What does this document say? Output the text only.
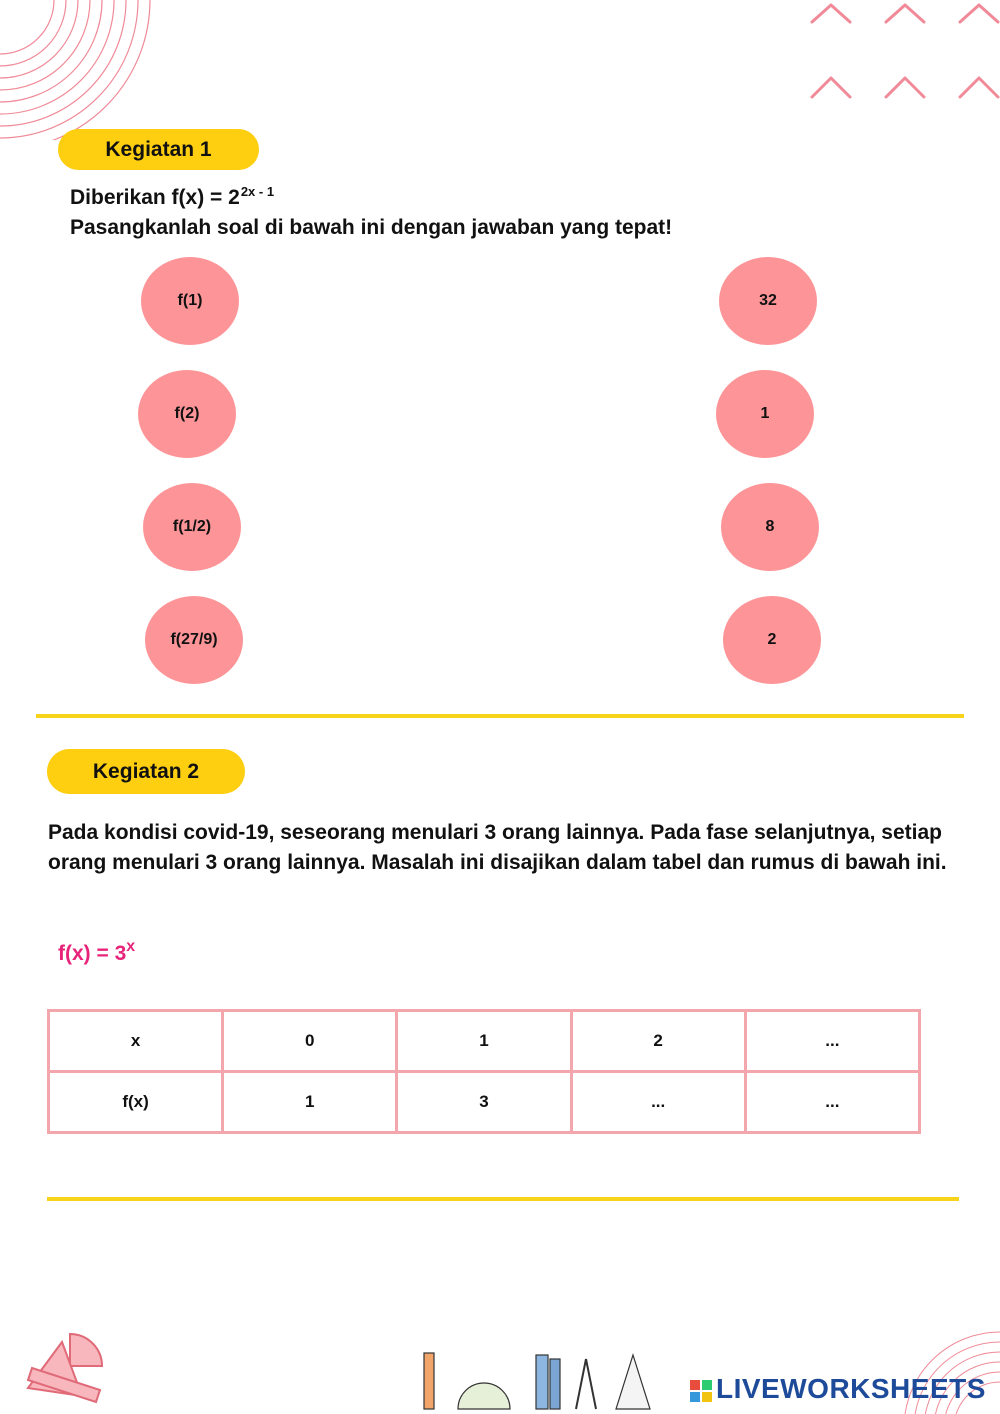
Kegiatan 1
Diberikan $f(x) = 2^{2x - 1}$
Pasangkanlah soal di bawah ini dengan jawaban yang tepat!
f(1)
f(2)
f(1/2)
f(27/9)
32
1
8
2
Kegiatan 2
Pada kondisi covid-19, seseorang menulari 3 orang lainnya. Pada fase selanjutnya, setiap orang menulari 3 orang lainnya. Masalah ini disajikan dalam tabel dan rumus di bawah ini.
$f(x) = 3^x$
x	0	1	2	...
f(x)	1	3	...	...
LIVEWORKSHEETS
